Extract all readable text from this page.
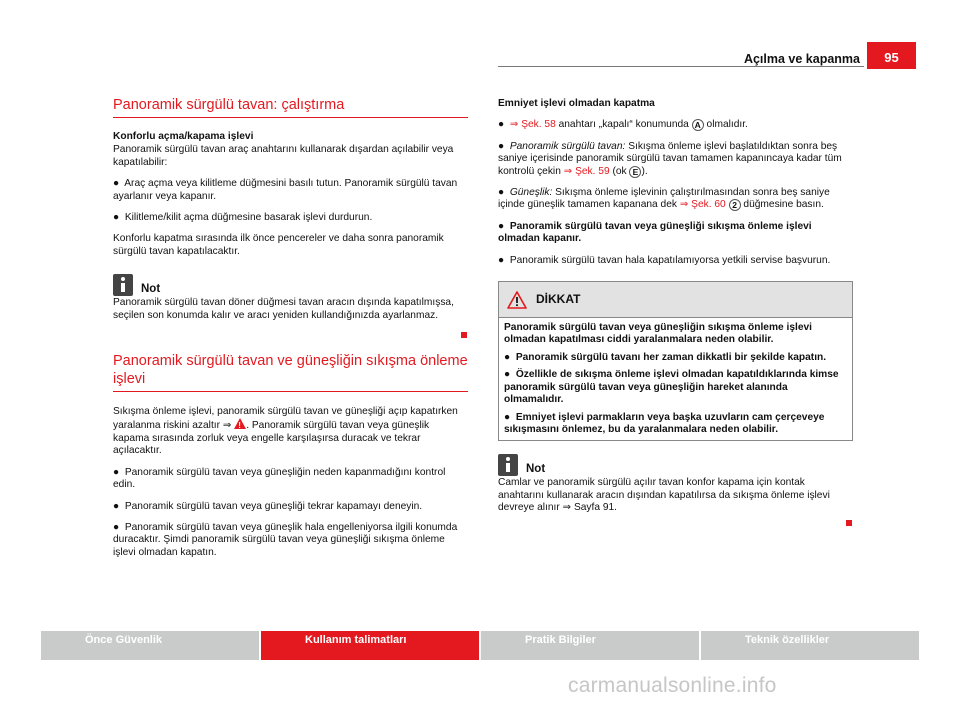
Açılma ve kapanma	95
Panoramik sürgülü tavan: çalıştırma
Konforlu açma/kapama işlevi
Panoramik sürgülü tavan araç anahtarını kullanarak dışardan açılabilir veya kapatılabilir:
●  Araç açma veya kilitleme düğmesini basılı tutun. Panoramik sürgülü tavan ayarlanır veya kapanır.
●  Kilitleme/kilit açma düğmesine basarak işlevi durdurun.
Konforlu kapatma sırasında ilk önce pencereler ve daha sonra panoramik sürgülü tavan kapatılacaktır.
Not
Panoramik sürgülü tavan döner düğmesi tavan aracın dışında kapatılmışsa, seçilen son konumda kalır ve aracı yeniden kullandığınızda ayarlanmaz.
Panoramik sürgülü tavan ve güneşliğin sıkışma önleme işlevi
Sıkışma önleme işlevi, panoramik sürgülü tavan ve güneşliği açıp kapatırken yaralanma riskini azaltır ⇒ ! . Panoramik sürgülü tavan veya güneşlik kapama sırasında zorluk veya engelle karşılaşırsa duracak ve tekrar açılacaktır.
●  Panoramik sürgülü tavan veya güneşliğin neden kapanmadığını kontrol edin.
●  Panoramik sürgülü tavan veya güneşliği tekrar kapamayı deneyin.
●  Panoramik sürgülü tavan veya güneşlik hala engelleniyorsa ilgili konumda duracaktır. Şimdi panoramik sürgülü tavan veya güneşliği sıkışma önleme işlevi olmadan kapatın.
Emniyet işlevi olmadan kapatma
●  ⇒ Şek. 58 anahtarı „kapalı“ konumunda A olmalıdır.
●  Panoramik sürgülü tavan: Sıkışma önleme işlevi başlatıldıktan sonra beş saniye içerisinde panoramik sürgülü tavan tamamen kapanıncaya kadar tüm kontrolü çekin ⇒ Şek. 59 (ok E ).
●  Güneşlik: Sıkışma önleme işlevinin çalıştırılmasından sonra beş saniye içinde güneşlik tamamen kapanana dek ⇒ Şek. 60 2 düğmesine basın.
●  Panoramik sürgülü tavan veya güneşliği sıkışma önleme işlevi olmadan kapanır.
●  Panoramik sürgülü tavan hala kapatılamıyorsa yetkili servise başvurun.
DİKKAT
Panoramik sürgülü tavan veya güneşliğin sıkışma önleme işlevi olmadan kapatılması ciddi yaralanmalara neden olabilir.
●  Panoramik sürgülü tavanı her zaman dikkatli bir şekilde kapatın.
●  Özellikle de sıkışma önleme işlevi olmadan kapatıldıklarında kimse panoramik sürgülü tavan veya güneşliğin hareket alanında olmamalıdır.
●  Emniyet işlevi parmakların veya başka uzuvların cam çerçeveye sıkışmasını önlemez, bu da yaralanmalara neden olabilir.
Not
Camlar ve panoramik sürgülü açılır tavan konfor kapama için kontak anahtarını kullanarak aracın dışından kapatılırsa da sıkışma önleme işlevi devreye alınır ⇒ Sayfa 91.
Önce Güvenlik	Kullanım talimatları	Pratik Bilgiler	Teknik özellikler
carmanualsonline.info
